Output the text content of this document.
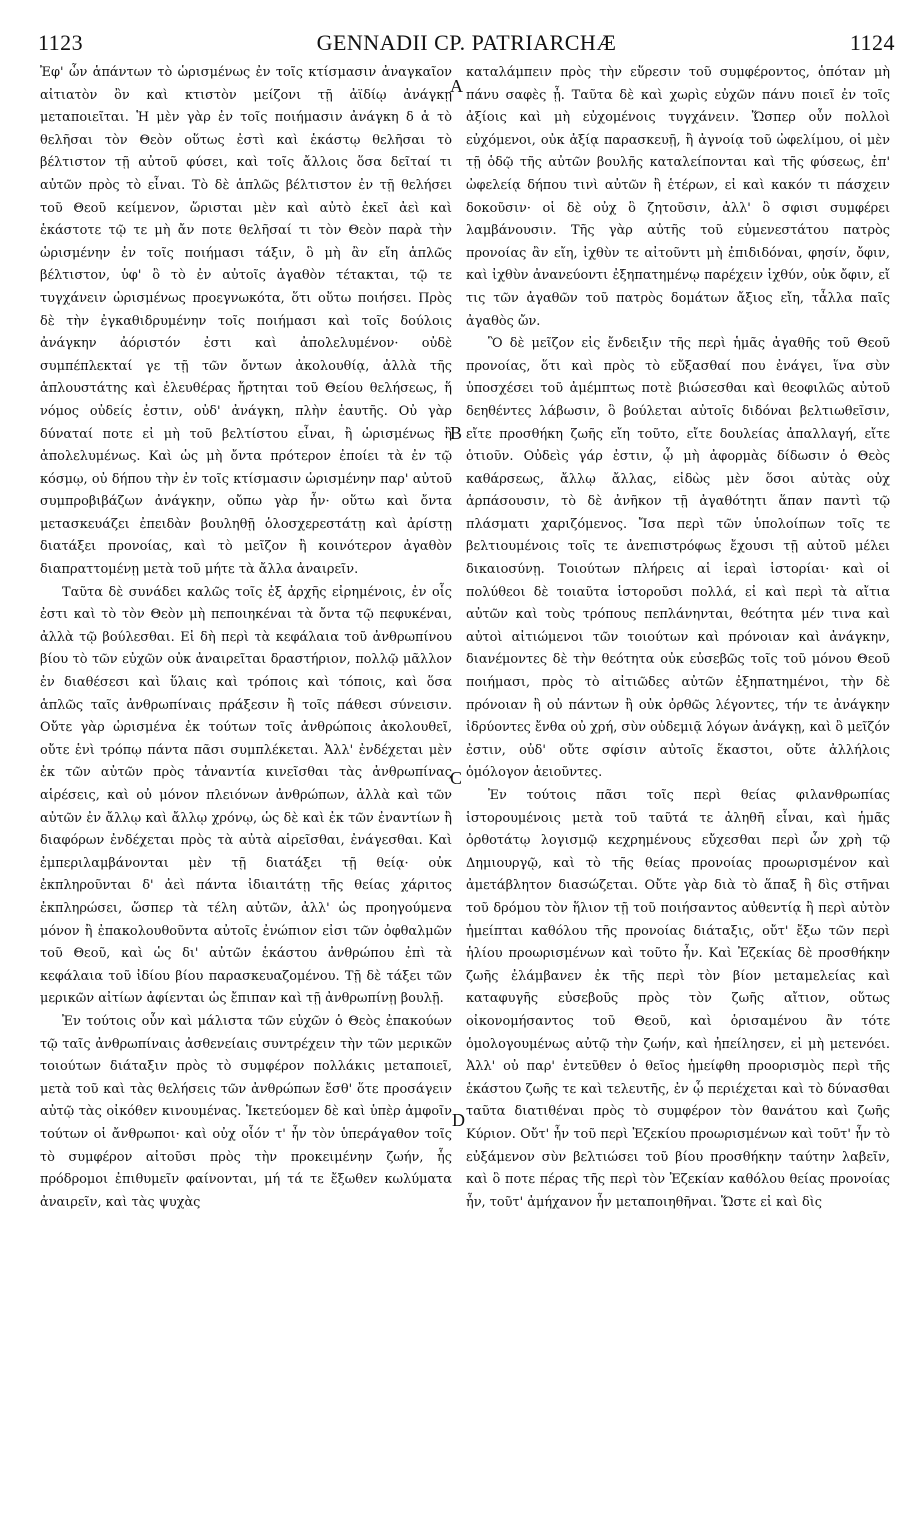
1123	GENNADII CP. PATRIARCHÆ	1124

Ἐφ' ὧν ἁπάντων τὸ ὡρισμένως ἐν τοῖς κτίσμασιν ἀναγκαῖον αἰτιατὸν ὂν καὶ κτιστὸν μείζονι τῇ ἀϊδίῳ ἀνάγκῃ μεταποιεῖται. Ἡ μὲν γὰρ ἐν τοῖς ποιήμασιν ἀνάγκη δ ἁ τὸ θελῆσαι τὸν Θεὸν οὕτως ἐστὶ καὶ ἑκάστῳ θελῆσαι τὸ βέλτιστον τῇ αὐτοῦ φύσει, καὶ τοῖς ἄλλοις ὅσα δεῖταί τι αὐτῶν πρὸς τὸ εἶναι. Τὸ δὲ ἁπλῶς βέλτιστον ἐν τῇ θελήσει τοῦ Θεοῦ κείμενον, ὥρισται μὲν καὶ αὐτὸ ἐκεῖ ἀεὶ καὶ ἑκάστοτε τῷ τε μὴ ἄν ποτε θελῆσαί τι τὸν Θεὸν παρὰ τὴν ὡρισμένην ἐν τοῖς ποιήμασι τάξιν, ὃ μὴ ἂν εἴη ἁπλῶς βέλτιστον, ὑφ' ὃ τὸ ἐν αὐτοῖς ἀγαθὸν τέτακται, τῷ τε τυγχάνειν ὡρισμένως προεγνωκότα, ὅτι οὕτω ποιήσει. Πρὸς δὲ τὴν ἐγκαθιδρυμένην τοῖς ποιήμασι καὶ τοῖς δούλοις ἀνάγκην ἀόριστόν ἐστι καὶ ἀπολελυμένον· οὐδὲ συμπέπλεκταί γε τῇ τῶν ὄντων ἀκολουθίᾳ, ἀλλὰ τῆς ἁπλουστάτης καὶ ἐλευθέρας ἤρτηται τοῦ Θείου θελήσεως, ἥ νόμος οὐδείς ἐστιν, οὐδ' ἀνάγκη, πλὴν ἑαυτῆς. Οὐ γὰρ δύναταί ποτε εἰ μὴ τοῦ βελτίστου εἶναι, ἢ ὡρισμένως ἢ ἀπολελυμένως. Καὶ ὡς μὴ ὄντα πρότερον ἐποίει τὰ ἐν τῷ κόσμῳ, οὐ δήπου τὴν ἐν τοῖς κτίσμασιν ὡρισμένην παρ' αὐτοῦ συμπροβιβάζων ἀνάγκην, οὔπω γὰρ ἦν· οὕτω καὶ ὄντα μετασκευάζει ἐπειδὰν βουληθῇ ὁλοσχερεστάτῃ καὶ ἀρίστῃ διατάξει προνοίας, καὶ τὸ μεῖζον ἢ κοινότερον ἀγαθὸν διαπραττομένῃ μετὰ τοῦ μήτε τὰ ἄλλα ἀναιρεῖν.

Ταῦτα δὲ συνάδει καλῶς τοῖς ἐξ ἀρχῆς εἰρημένοις, ἐν οἷς ἐστι καὶ τὸ τὸν Θεὸν μὴ πεποιηκέναι τὰ ὄντα τῷ πεφυκέναι, ἀλλὰ τῷ βούλεσθαι. Εἰ δὴ περὶ τὰ κεφάλαια τοῦ ἀνθρωπίνου βίου τὸ τῶν εὐχῶν οὐκ ἀναιρεῖται δραστήριον, πολλῷ μᾶλλον ἐν διαθέσεσι καὶ ὕλαις καὶ τρόποις καὶ τόποις, καὶ ὅσα ἁπλῶς ταῖς ἀνθρωπίναις πράξεσιν ἢ τοῖς πάθεσι σύνεισιν. Οὔτε γὰρ ὡρισμένα ἐκ τούτων τοῖς ἀνθρώποις ἀκολουθεῖ, οὔτε ἑνὶ τρόπῳ πάντα πᾶσι συμπλέκεται. Ἀλλ' ἐνδέχεται μὲν ἐκ τῶν αὐτῶν πρὸς τἀναντία κινεῖσθαι τὰς ἀνθρωπίνας αἱρέσεις, καὶ οὐ μόνον πλειόνων ἀνθρώπων, ἀλλὰ καὶ τῶν αὐτῶν ἐν ἄλλῳ καὶ ἄλλῳ χρόνῳ, ὡς δὲ καὶ ἐκ τῶν ἐναντίων ἢ διαφόρων ἐνδέχεται πρὸς τὰ αὐτὰ αἱρεῖσθαι, ἐνάγεσθαι. Καὶ ἐμπεριλαμβάνονται μὲν τῇ διατάξει τῇ θείᾳ· οὐκ ἐκπληροῦνται δ' ἀεὶ πάντα ἰδιαιτάτῃ τῆς θείας χάριτος ἐκπληρώσει, ὥσπερ τὰ τέλη αὐτῶν, ἀλλ' ὡς προηγούμενα μόνον ἢ ἐπακολουθοῦντα αὐτοῖς ἐνώπιον εἰσι τῶν ὀφθαλμῶν τοῦ Θεοῦ, καὶ ὡς δι' αὐτῶν ἑκάστου ἀνθρώπου ἐπὶ τὰ κεφάλαια τοῦ ἰδίου βίου παρασκευαζομένου. Τῇ δὲ τάξει τῶν μερικῶν αἰτίων ἀφίενται ὡς ἔπιπαν καὶ τῇ ἀνθρωπίνῃ βουλῇ.

Ἐν τούτοις οὖν καὶ μάλιστα τῶν εὐχῶν ὁ Θεὸς ἐπακούων τῷ ταῖς ἀνθρωπίναις ἀσθενείαις συντρέχειν τὴν τῶν μερικῶν τοιούτων διάταξιν πρὸς τὸ συμφέρον πολλάκις μεταποιεῖ, μετὰ τοῦ καὶ τὰς θελήσεις τῶν ἀνθρώπων ἔσθ' ὅτε προσάγειν αὐτῷ τὰς οἰκόθεν κινουμένας. Ἱκετεύομεν δὲ καὶ ὑπὲρ ἀμφοῖν τούτων οἱ ἄνθρωποι· καὶ οὐχ οἷόν τ' ἦν τὸν ὑπεράγαθον τοῖς τὸ συμφέρον αἰτοῦσι πρὸς τὴν προκειμένην ζωήν, ἧς πρόδρομοι ἐπιθυμεῖν φαίνονται, μή τά τε ἔξωθεν κωλύματα ἀναιρεῖν, καὶ τὰς ψυχὰς

καταλάμπειν πρὸς τὴν εὕρεσιν τοῦ συμφέροντος, ὁπόταν μὴ πάνυ σαφὲς ᾖ. Ταῦτα δὲ καὶ χωρὶς εὐχῶν πάνυ ποιεῖ ἐν τοῖς ἀξίοις καὶ μὴ εὐχομένοις τυγχάνειν. Ὥσπερ οὖν πολλοὶ εὐχόμενοι, οὐκ ἀξίᾳ παρασκευῇ, ἢ ἀγνοίᾳ τοῦ ὠφελίμου, οἱ μὲν τῇ ὁδῷ τῆς αὐτῶν βουλῆς καταλείπονται καὶ τῆς φύσεως, ἐπ' ὠφελείᾳ δήπου τινὶ αὐτῶν ἢ ἑτέρων, εἰ καὶ κακόν τι πάσχειν δοκοῦσιν· οἱ δὲ οὐχ ὃ ζητοῦσιν, ἀλλ' ὃ σφισι συμφέρει λαμβάνουσιν. Τῆς γὰρ αὐτῆς τοῦ εὐμενεστάτου πατρὸς προνοίας ἂν εἴη, ἰχθὺν τε αἰτοῦντι μὴ ἐπιδιδόναι, φησίν, ὄφιν, καὶ ἰχθὺν ἀνανεύοντι ἐξηπατημένῳ παρέχειν ἰχθύν, οὐκ ὄφιν, εἴ τις τῶν ἀγαθῶν τοῦ πατρὸς δομάτων ἄξιος εἴη, τἆλλα παῖς ἀγαθὸς ὤν.

Ὃ δὲ μεῖζον εἰς ἔνδειξιν τῆς περὶ ἡμᾶς ἀγαθῆς τοῦ Θεοῦ προνοίας, ὅτι καὶ πρὸς τὸ εὔξασθαί που ἐνάγει, ἵνα σὺν ὑποσχέσει τοῦ ἀμέμπτως ποτὲ βιώσεσθαι καὶ θεοφιλῶς αὐτοῦ δεηθέντες λάβωσιν, ὃ βούλεται αὐτοῖς διδόναι βελτιωθεῖσιν, εἴτε προσθήκη ζωῆς εἴη τοῦτο, εἴτε δουλείας ἀπαλλαγή, εἴτε ὁτιοῦν. Οὐδεὶς γάρ ἐστιν, ᾧ μὴ ἀφορμὰς δίδωσιν ὁ Θεὸς καθάρσεως, ἄλλῳ ἄλλας, εἰδὼς μὲν ὅσοι αὐτὰς οὐχ ἁρπάσουσιν, τὸ δὲ ἀνῆκον τῇ ἀγαθότητι ἅπαν παντὶ τῷ πλάσματι χαριζόμενος. Ἴσα περὶ τῶν ὑπολοίπων τοῖς τε βελτιουμένοις τοῖς τε ἀνεπιστρόφως ἔχουσι τῇ αὐτοῦ μέλει δικαιοσύνῃ. Τοιούτων πλήρεις αἱ ἱεραὶ ἱστορίαι· καὶ οἱ πολύθεοι δὲ τοιαῦτα ἱστοροῦσι πολλά, εἰ καὶ περὶ τὰ αἴτια αὐτῶν καὶ τοὺς τρόπους πεπλάνηνται, θεότητα μέν τινα καὶ αὐτοὶ αἰτιώμενοι τῶν τοιούτων καὶ πρόνοιαν καὶ ἀνάγκην, διανέμοντες δὲ τὴν θεότητα οὐκ εὐσεβῶς τοῖς τοῦ μόνου Θεοῦ ποιήμασι, πρὸς τὸ αἰτιῶδες αὐτῶν ἐξηπατημένοι, τὴν δὲ πρόνοιαν ἢ οὐ πάντων ἢ οὐκ ὀρθῶς λέγοντες, τήν τε ἀνάγκην ἱδρύοντες ἔνθα οὐ χρή, σὺν οὐδεμιᾷ λόγων ἀνάγκῃ, καὶ ὃ μεῖζόν ἐστιν, οὐδ' οὔτε σφίσιν αὐτοῖς ἕκαστοι, οὔτε ἀλλήλοις ὁμόλογον ἀειοῦντες.

Ἐν τούτοις πᾶσι τοῖς περὶ θείας φιλανθρωπίας ἱστορουμένοις μετὰ τοῦ ταῦτά τε ἀληθῆ εἶναι, καὶ ἡμᾶς ὀρθοτάτῳ λογισμῷ κεχρημένους εὔχεσθαι περὶ ὧν χρὴ τῷ Δημιουργῷ, καὶ τὸ τῆς θείας προνοίας προωρισμένον καὶ ἀμετάβλητον διασώζεται. Οὔτε γὰρ διὰ τὸ ἅπαξ ἢ δὶς στῆναι τοῦ δρόμου τὸν ἥλιον τῇ τοῦ ποιήσαντος αὐθεντίᾳ ἢ περὶ αὐτὸν ἠμείπται καθόλου τῆς προνοίας διάταξις, οὔτ' ἔξω τῶν περὶ ἡλίου προωρισμένων καὶ τοῦτο ἦν. Καὶ Ἐζεκίας δὲ προσθήκην ζωῆς ἐλάμβανεν ἐκ τῆς περὶ τὸν βίον μεταμελείας καὶ καταφυγῆς εὐσεβοῦς πρὸς τὸν ζωῆς αἴτιον, οὕτως οἰκονομήσαντος τοῦ Θεοῦ, καὶ ὁρισαμένου ἂν τότε ὁμολογουμένως αὐτῷ τὴν ζωήν, καὶ ἠπείλησεν, εἰ μὴ μετενόει. Ἀλλ' οὐ παρ' ἐντεῦθεν ὁ θεῖος ἠμείφθη προορισμὸς περὶ τῆς ἑκάστου ζωῆς τε καὶ τελευτῆς, ἐν ᾧ περιέχεται καὶ τὸ δύνασθαι ταῦτα διατιθέναι πρὸς τὸ συμφέρον τὸν θανάτου καὶ ζωῆς Κύριον. Οὔτ' ἦν τοῦ περὶ Ἐζεκίου προωρισμένων καὶ τοῦτ' ἦν τὸ εὐξάμενον σὺν βελτιώσει τοῦ βίου προσθήκην ταύτην λαβεῖν, καὶ ὃ ποτε πέρας τῆς περὶ τὸν Ἐζεκίαν καθόλου θείας προνοίας ἦν, τοῦτ' ἀμήχανον ἦν μεταποιηθῆναι. Ὥστε εἰ καὶ δὶς

A
B
C
D
